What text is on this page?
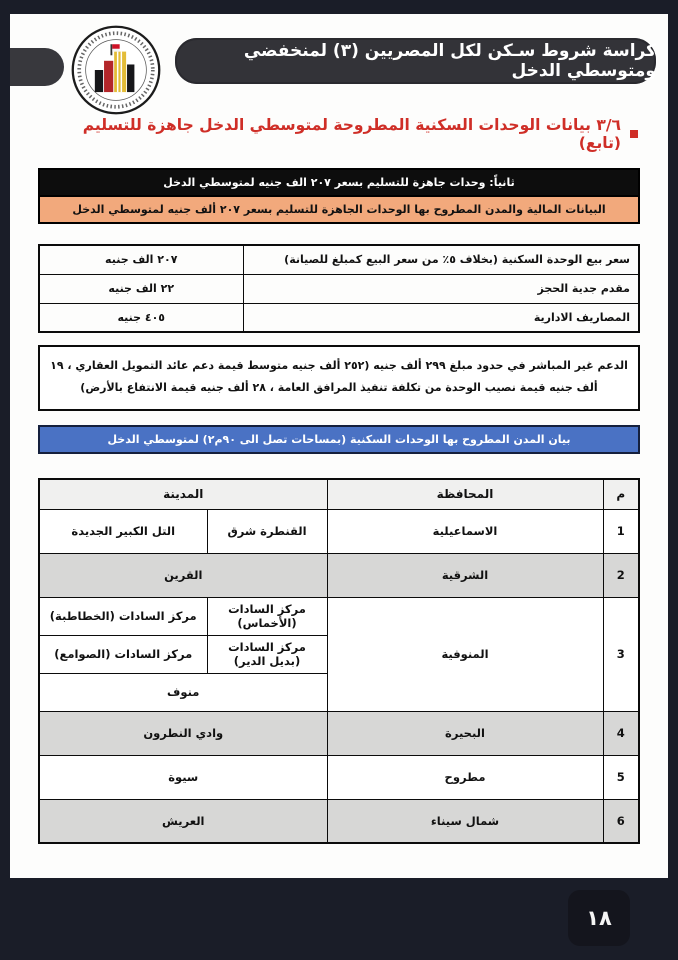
كراسة شروط سـكن لكل المصريين (٣) لمنخفضي ومتوسطي الدخل
٣/٦ بيانات الوحدات السكنية المطروحة لمتوسطي الدخل جاهزة للتسليم (تابع)
ثانياً: وحدات جاهزة للتسليم بسعر ٢٠٧ الف جنيه لمتوسطي الدخل
البيانات المالية والمدن المطروح بها الوحدات الجاهزة للتسليم بسعر ٢٠٧ ألف جنيه لمتوسطي الدخل
سعر بيع الوحدة السكنية (بخلاف ٥٪ من سعر البيع كمبلغ للصيانة)	٢٠٧ الف جنيه
مقدم جدية الحجز	٢٢ الف جنيه
المصاريف الادارية	٤٠٥ جنيه
الدعم غير المباشر في حدود مبلغ ٢٩٩ ألف جنيه (٢٥٢ ألف جنيه متوسط قيمة دعم عائد التمويل العقاري ، ١٩ ألف جنيه قيمة نصيب الوحدة من تكلفة تنفيذ المرافق العامة ، ٢٨ ألف جنيه قيمة الانتفاع بالأرض)
بيان المدن المطروح بها الوحدات السكنية (بمساحات تصل الى ٩٠م٢) لمتوسطي الدخل
م	المحافظة	المدينة	
1	الاسماعيلية	القنطرة شرق	التل الكبير الجديدة
2	الشرقية	القرين	
3	المنوفية	مركز السادات (الأخماس)	مركز السادات (الخطاطبة)
		مركز السادات (بديل الدير)	مركز السادات (الصوامع)
		منوف	
4	البحيرة	وادي النطرون	
5	مطروح	سيوة	
6	شمال سيناء	العريش	
١٨
